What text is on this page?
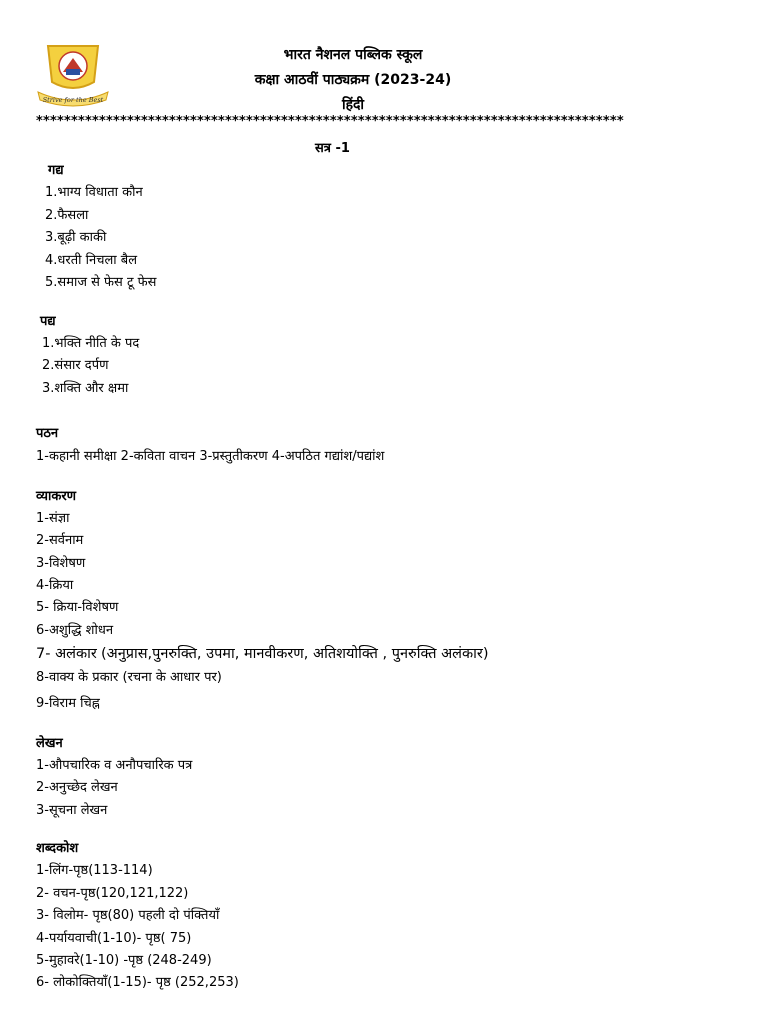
Strive for the Best
भारत नैशनल पब्लिक स्कूल
कक्षा आठवीं पाठ्यक्रम (2023-24)
हिंदी
************************************************************************************
सत्र -1
गद्य
1.भाग्य विधाता कौन
2.फैसला
3.बूढ़ी काकी
4.धरती निचला बैल
5.समाज से फेस टू फेस
पद्य
1.भक्ति नीति के पद
2.संसार दर्पण
3.शक्ति और क्षमा
पठन
1-कहानी समीक्षा 2-कविता वाचन 3-प्रस्तुतीकरण 4-अपठित गद्यांश/पद्यांश
व्याकरण
1-संज्ञा
2-सर्वनाम
3-विशेषण
4-क्रिया
5- क्रिया-विशेषण
6-अशुद्धि शोधन
7- अलंकार (अनुप्रास,पुनरुक्ति, उपमा, मानवीकरण, अतिशयोक्ति , पुनरुक्ति अलंकार)
8-वाक्य के प्रकार (रचना के आधार पर)
9-विराम चिह्न
लेखन
1-औपचारिक व अनौपचारिक पत्र
2-अनुच्छेद लेखन
3-सूचना लेखन
शब्दकोश
1-लिंग-पृष्ठ(113-114)
2- वचन-पृष्ठ(120,121,122)
3- विलोम- पृष्ठ(80) पहली दो पंक्तियाँ
4-पर्यायवाची(1-10)- पृष्ठ( 75)
5-मुहावरे(1-10) -पृष्ठ (248-249)
6- लोकोक्तियाँ(1-15)- पृष्ठ (252,253)
